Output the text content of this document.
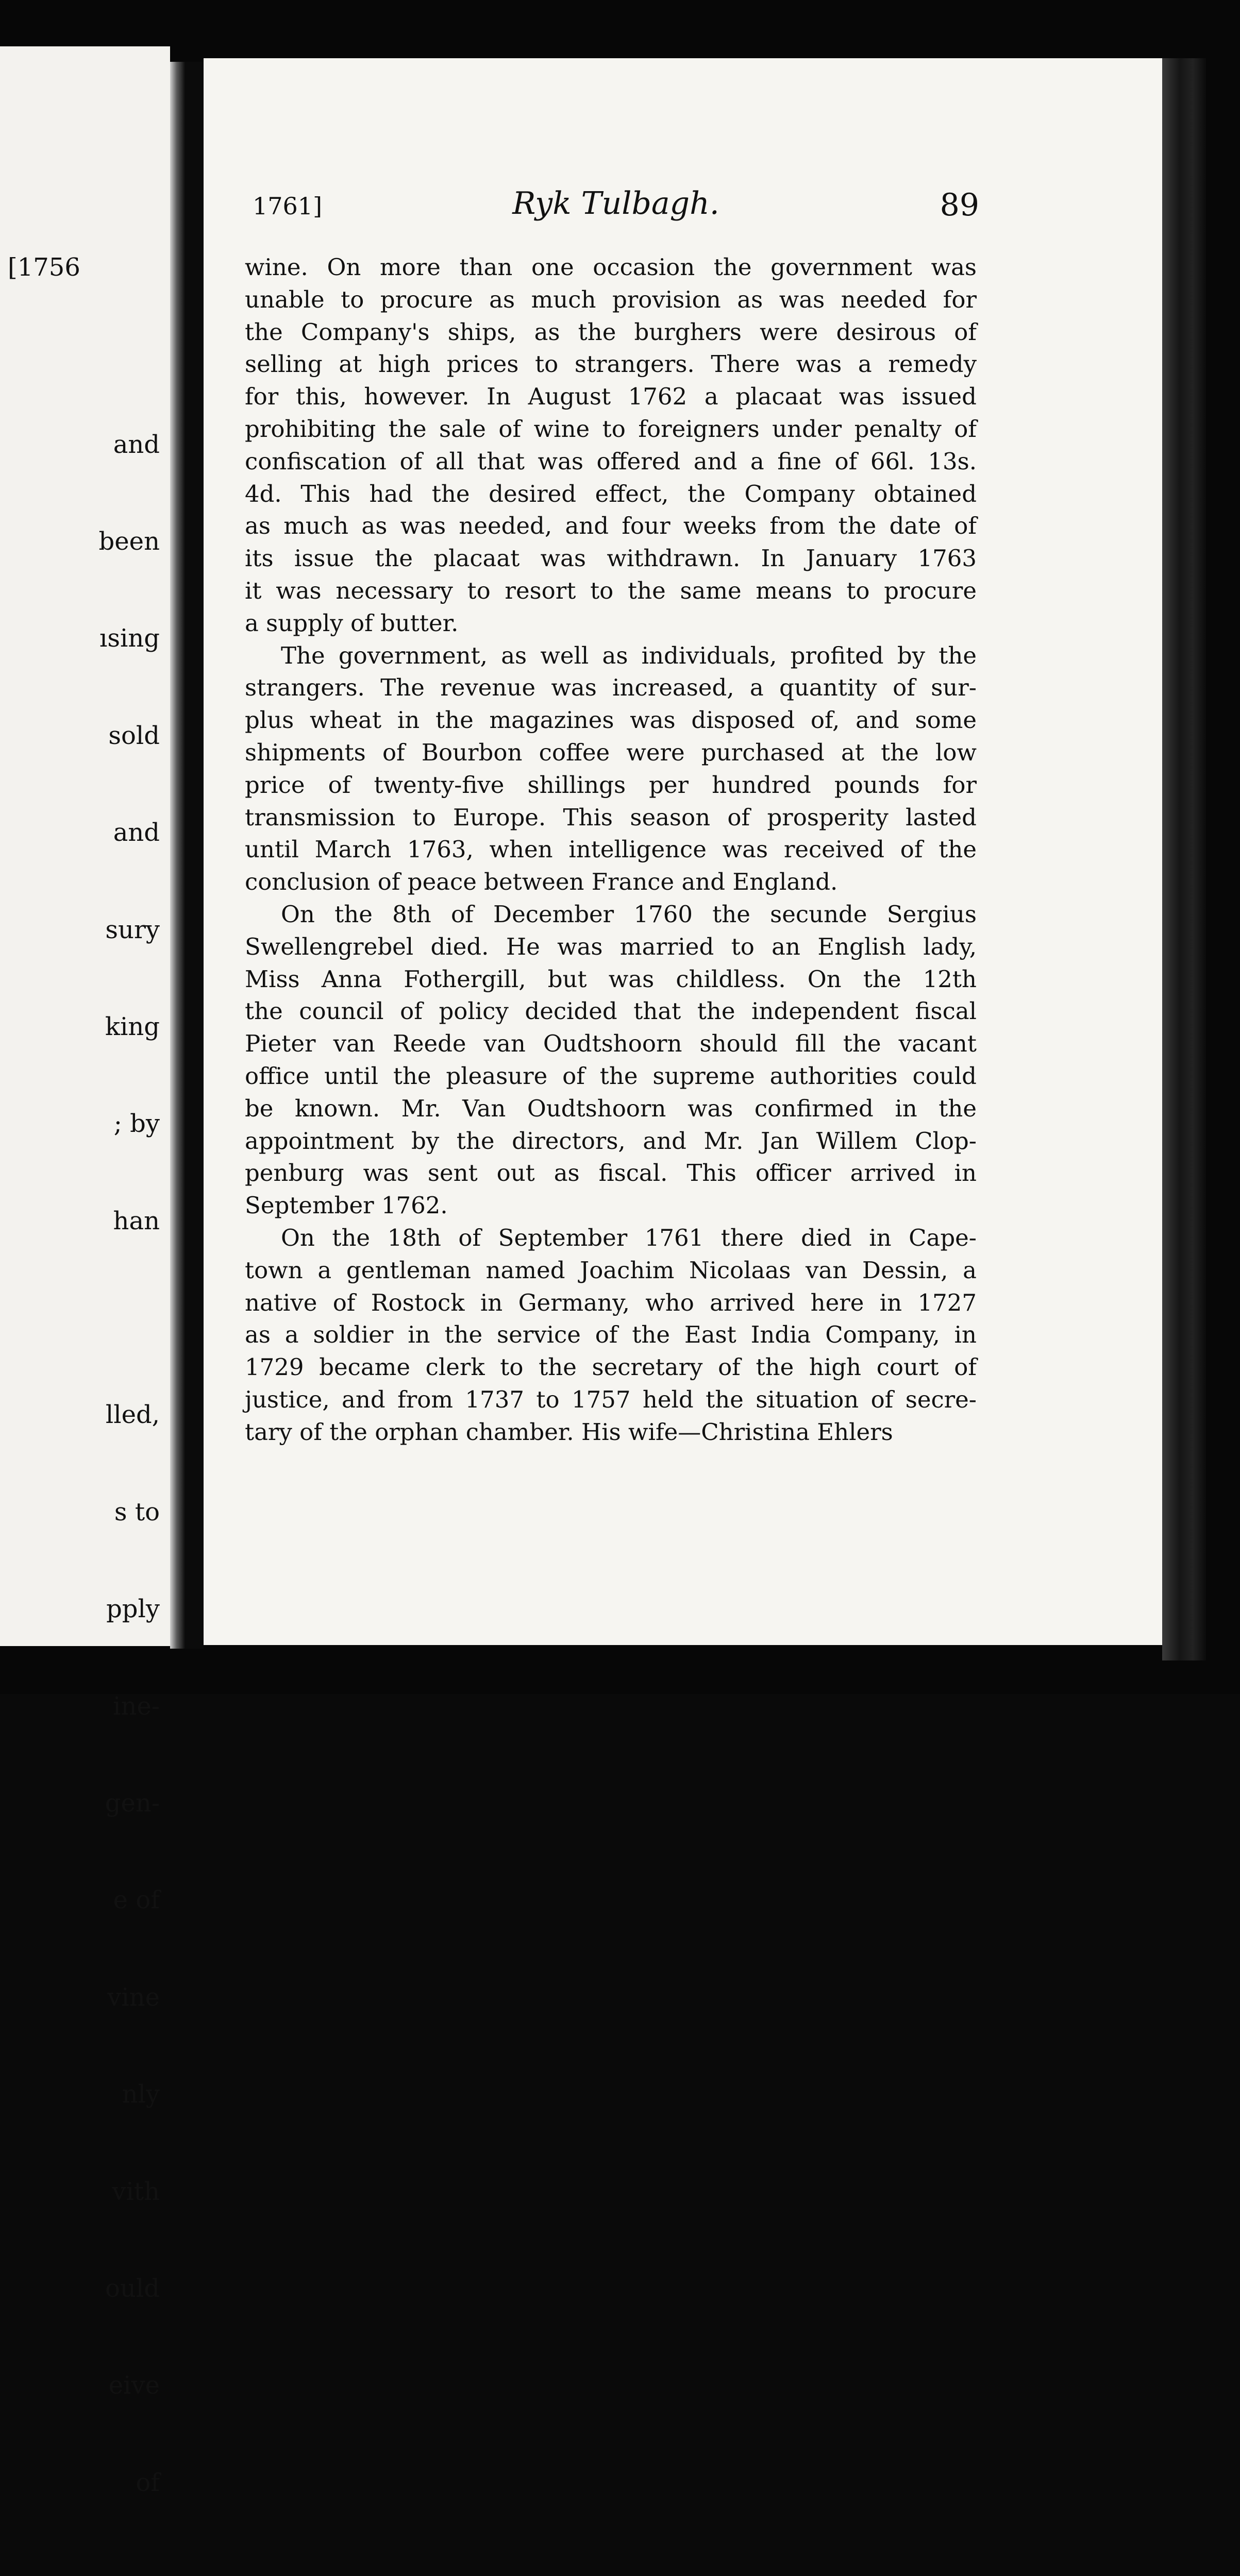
[1756

and

been

ısing

sold

and

sury

king

; by

han

lled,

s to

pply

ine-

gen-

e of

vine

nly

vith

ould

eive

of

1761]	Ryk Tulbagh.	89
wine. On more than one occasion the government was
unable to procure as much provision as was needed for
the Company's ships, as the burghers were desirous of
selling at high prices to strangers. There was a remedy
for this, however. In August 1762 a placaat was issued
prohibiting the sale of wine to foreigners under penalty of
confiscation of all that was offered and a fine of 66l. 13s.
4d. This had the desired effect, the Company obtained
as much as was needed, and four weeks from the date of
its issue the placaat was withdrawn. In January 1763
it was necessary to resort to the same means to procure
a supply of butter.
The government, as well as individuals, profited by the
strangers. The revenue was increased, a quantity of sur-
plus wheat in the magazines was disposed of, and some
shipments of Bourbon coffee were purchased at the low
price of twenty-five shillings per hundred pounds for
transmission to Europe. This season of prosperity lasted
until March 1763, when intelligence was received of the
conclusion of peace between France and England.
On the 8th of December 1760 the secunde Sergius
Swellengrebel died. He was married to an English lady,
Miss Anna Fothergill, but was childless. On the 12th
the council of policy decided that the independent fiscal
Pieter van Reede van Oudtshoorn should fill the vacant
office until the pleasure of the supreme authorities could
be known. Mr. Van Oudtshoorn was confirmed in the
appointment by the directors, and Mr. Jan Willem Clop-
penburg was sent out as fiscal. This officer arrived in
September 1762.
On the 18th of September 1761 there died in Cape-
town a gentleman named Joachim Nicolaas van Dessin, a
native of Rostock in Germany, who arrived here in 1727
as a soldier in the service of the East India Company, in
1729 became clerk to the secretary of the high court of
justice, and from 1737 to 1757 held the situation of secre-
tary of the orphan chamber. His wife—Christina Ehlers
